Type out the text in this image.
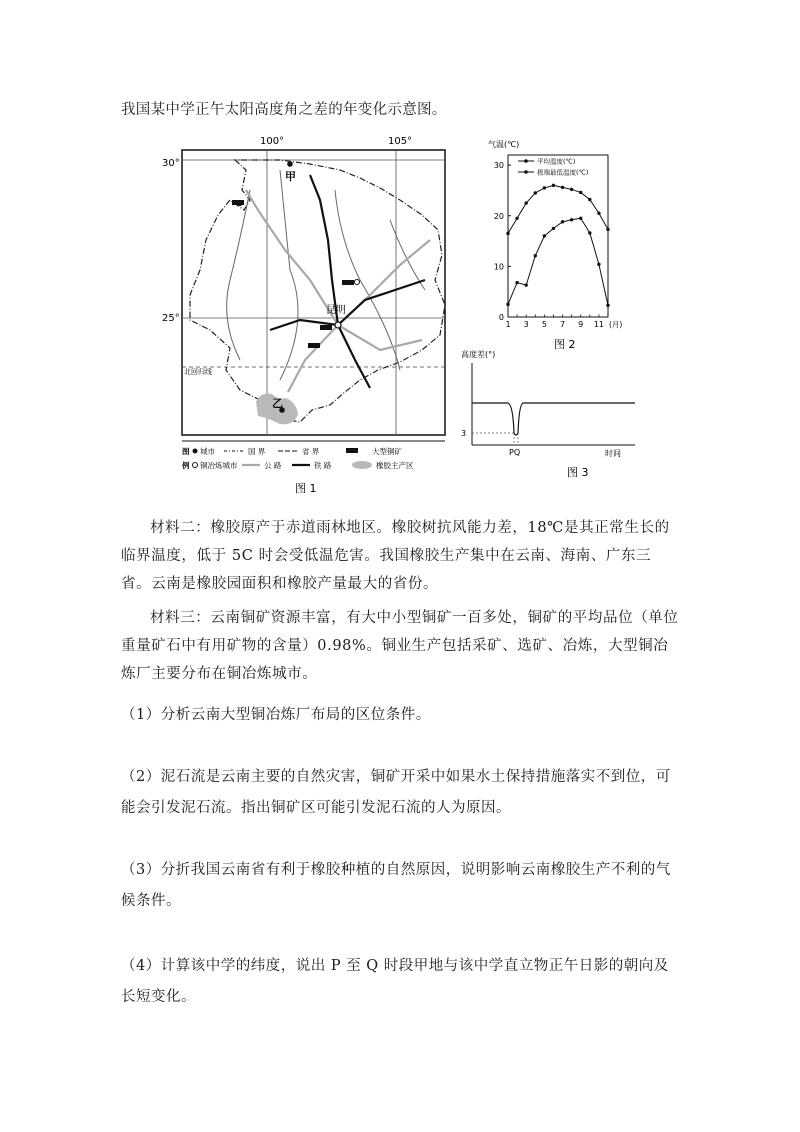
我国某中学正午太阳高度角之差的年变化示意图。
100°	105°
30°
25°
北回归线
甲
昆明
乙
图
例
城市	国 界	省 界	大型铜矿
铜冶炼城市	公 路	铁 路	橡胶主产区
图 1
气温(℃)
平均温度(℃)
极端最低温度(℃)
0
10
20
30
1 3 5 7 9 11 (月)
图 2
高度差(°)
3
PQ	时间
图 3
材料二：橡胶原产于赤道雨林地区。橡胶树抗风能力差，18℃是其正常生长的临界温度，低于 5C 时会受低温危害。我国橡胶生产集中在云南、海南、广东三省。云南是橡胶园面积和橡胶产量最大的省份。
材料三：云南铜矿资源丰富，有大中小型铜矿一百多处，铜矿的平均品位（单位重量矿石中有用矿物的含量）0.98%。铜业生产包括采矿、选矿、冶炼，大型铜冶炼厂主要分布在铜冶炼城市。
（1）分析云南大型铜冶炼厂布局的区位条件。
（2）泥石流是云南主要的自然灾害，铜矿开采中如果水土保持措施落实不到位，可能会引发泥石流。指出铜矿区可能引发泥石流的人为原因。
（3）分折我国云南省有利于橡胶种植的自然原因，说明影响云南橡胶生产不利的气候条件。
（4）计算该中学的纬度，说出 P 至 Q 时段甲地与该中学直立物正午日影的朝向及长短变化。
